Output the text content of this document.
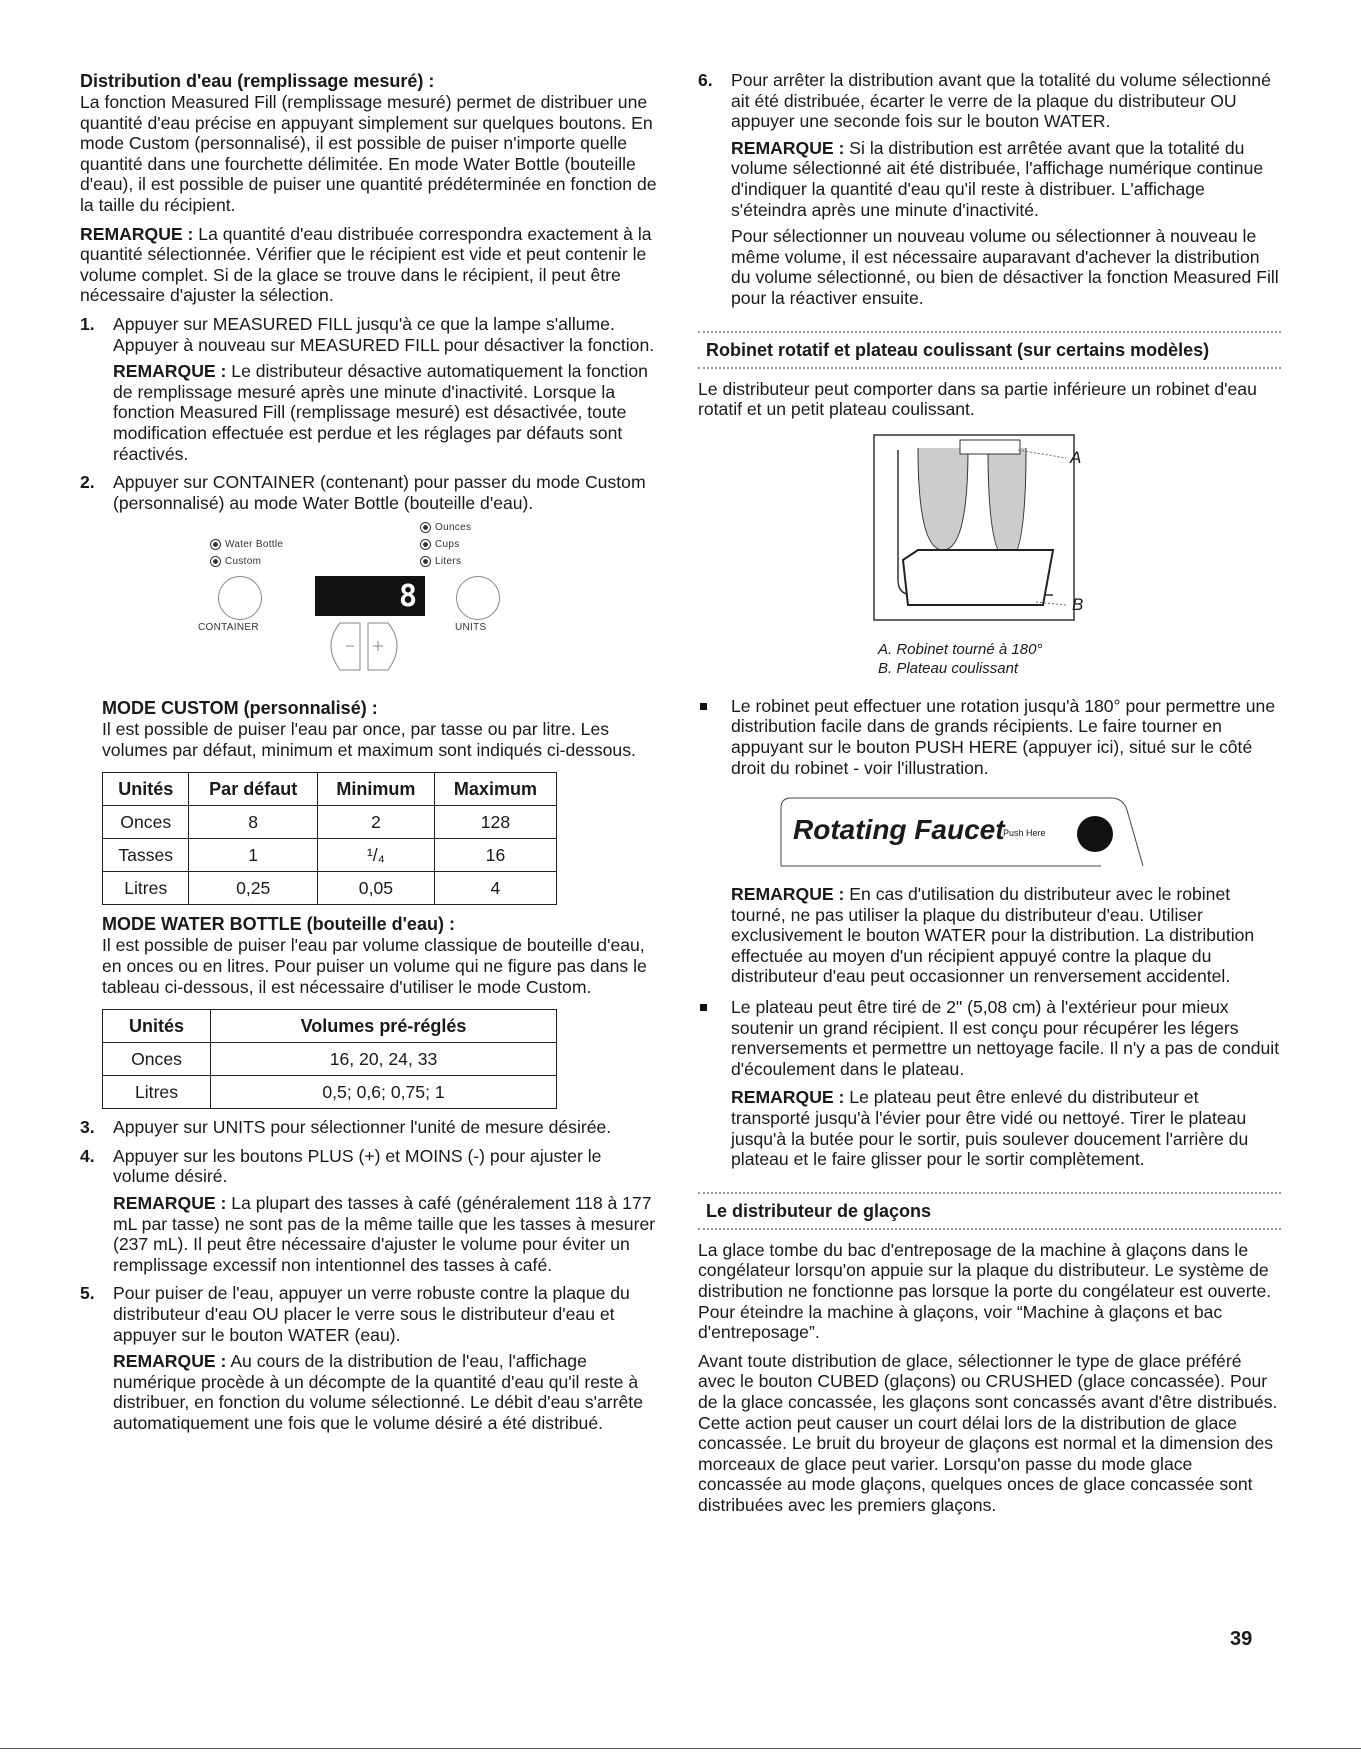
Distribution d'eau (remplissage mesuré) :

La fonction Measured Fill (remplissage mesuré) permet de distribuer une quantité d'eau précise en appuyant simplement sur quelques boutons. En mode Custom (personnalisé), il est possible de puiser n'importe quelle quantité dans une fourchette délimitée. En mode Water Bottle (bouteille d'eau), il est possible de puiser une quantité prédéterminée en fonction de la taille du récipient.

REMARQUE : La quantité d'eau distribuée correspondra exactement à la quantité sélectionnée. Vérifier que le récipient est vide et peut contenir le volume complet. Si de la glace se trouve dans le récipient, il peut être nécessaire d'ajuster la sélection.

1. Appuyer sur MEASURED FILL jusqu'à ce que la lampe s'allume. Appuyer à nouveau sur MEASURED FILL pour désactiver la fonction.

REMARQUE : Le distributeur désactive automatiquement la fonction de remplissage mesuré après une minute d'inactivité. Lorsque la fonction Measured Fill (remplissage mesuré) est désactivée, toute modification effectuée est perdue et les réglages par défauts sont réactivés.

2. Appuyer sur CONTAINER (contenant) pour passer du mode Custom (personnalisé) au mode Water Bottle (bouteille d'eau).

Water Bottle
Custom
Ounces
Cups
Liters
8
CONTAINER	UNITS

MODE CUSTOM (personnalisé) :

Il est possible de puiser l'eau par once, par tasse ou par litre. Les volumes par défaut, minimum et maximum sont indiqués ci-dessous.

Unités	Par défaut	Minimum	Maximum
Onces	8	2	128
Tasses	1	¹/₄	16
Litres	0,25	0,05	4

MODE WATER BOTTLE (bouteille d'eau) :

Il est possible de puiser l'eau par volume classique de bouteille d'eau, en onces ou en litres. Pour puiser un volume qui ne figure pas dans le tableau ci-dessous, il est nécessaire d'utiliser le mode Custom.

Unités	Volumes pré-réglés
Onces	16, 20, 24, 33
Litres	0,5; 0,6; 0,75; 1
3. Appuyer sur UNITS pour sélectionner l'unité de mesure désirée.

4. Appuyer sur les boutons PLUS (+) et MOINS (-) pour ajuster le volume désiré.

REMARQUE : La plupart des tasses à café (généralement 118 à 177 mL par tasse) ne sont pas de la même taille que les tasses à mesurer (237 mL). Il peut être nécessaire d'ajuster le volume pour éviter un remplissage excessif non intentionnel des tasses à café.

5. Pour puiser de l'eau, appuyer un verre robuste contre la plaque du distributeur d'eau OU placer le verre sous le distributeur d'eau et appuyer sur le bouton WATER (eau).

REMARQUE : Au cours de la distribution de l'eau, l'affichage numérique procède à un décompte de la quantité d'eau qu'il reste à distribuer, en fonction du volume sélectionné. Le débit d'eau s'arrête automatiquement une fois que le volume désiré a été distribué.

6. Pour arrêter la distribution avant que la totalité du volume sélectionné ait été distribuée, écarter le verre de la plaque du distributeur OU appuyer une seconde fois sur le bouton WATER.

REMARQUE : Si la distribution est arrêtée avant que la totalité du volume sélectionné ait été distribuée, l'affichage numérique continue d'indiquer la quantité d'eau qu'il reste à distribuer. L'affichage s'éteindra après une minute d'inactivité.

Pour sélectionner un nouveau volume ou sélectionner à nouveau le même volume, il est nécessaire auparavant d'achever la distribution du volume sélectionné, ou bien de désactiver la fonction Measured Fill pour la réactiver ensuite.

Robinet rotatif et plateau coulissant (sur certains modèles)

Le distributeur peut comporter dans sa partie inférieure un robinet d'eau rotatif et un petit plateau coulissant.

A
B

A. Robinet tourné à 180°

B. Plateau coulissant

Le robinet peut effectuer une rotation jusqu'à 180° pour permettre une distribution facile dans de grands récipients. Le faire tourner en appuyant sur le bouton PUSH HERE (appuyer ici), situé sur le côté droit du robinet - voir l'illustration.

Rotating Faucet
Push Here

REMARQUE : En cas d'utilisation du distributeur avec le robinet tourné, ne pas utiliser la plaque du distributeur d'eau. Utiliser exclusivement le bouton WATER pour la distribution. La distribution effectuée au moyen d'un récipient appuyé contre la plaque du distributeur d'eau peut occasionner un renversement accidentel.

Le plateau peut être tiré de 2" (5,08 cm) à l'extérieur pour mieux soutenir un grand récipient. Il est conçu pour récupérer les légers renversements et permettre un nettoyage facile. Il n'y a pas de conduit d'écoulement dans le plateau.

REMARQUE : Le plateau peut être enlevé du distributeur et transporté jusqu'à l'évier pour être vidé ou nettoyé. Tirer le plateau jusqu'à la butée pour le sortir, puis soulever doucement l'arrière du plateau et le faire glisser pour le sortir complètement.

Le distributeur de glaçons

La glace tombe du bac d'entreposage de la machine à glaçons dans le congélateur lorsqu'on appuie sur la plaque du distributeur. Le système de distribution ne fonctionne pas lorsque la porte du congélateur est ouverte. Pour éteindre la machine à glaçons, voir “Machine à glaçons et bac d'entreposage”.

Avant toute distribution de glace, sélectionner le type de glace préféré avec le bouton CUBED (glaçons) ou CRUSHED (glace concassée). Pour de la glace concassée, les glaçons sont concassés avant d'être distribués. Cette action peut causer un court délai lors de la distribution de glace concassée. Le bruit du broyeur de glaçons est normal et la dimension des morceaux de glace peut varier. Lorsqu'on passe du mode glace concassée au mode glaçons, quelques onces de glace concassée sont distribuées avec les premiers glaçons.

39
